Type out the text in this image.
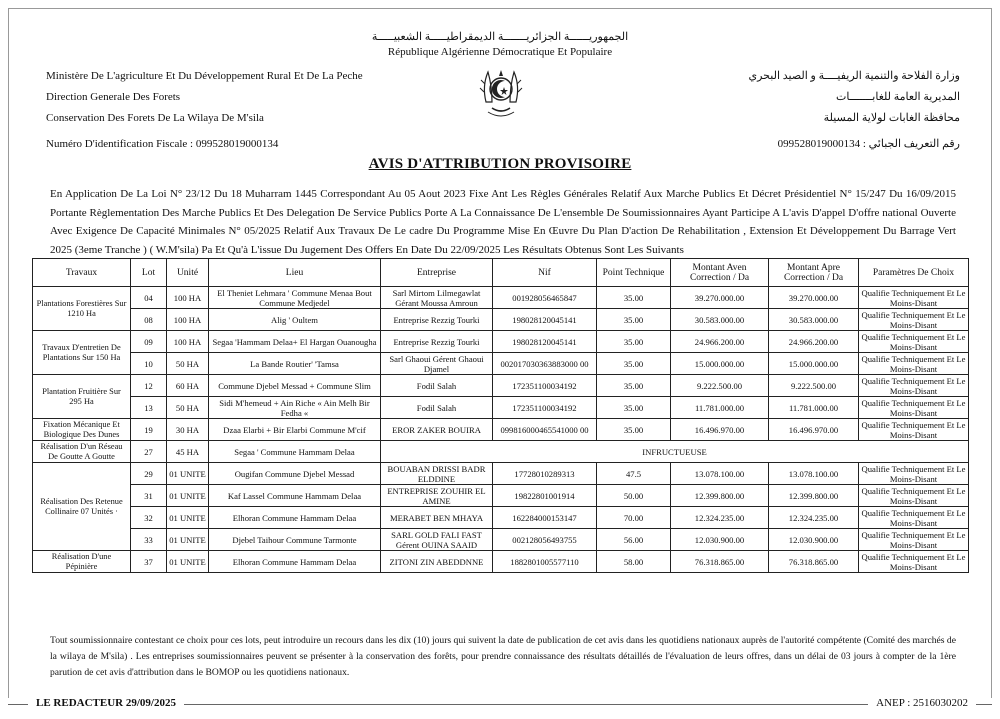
الجمهوريــــــة الجزائريـــــــة الديمقراطيـــــة الشعبيـــــة
République Algérienne Démocratique Et Populaire
Ministère De L'agriculture Et Du Développement Rural Et De La Peche
Direction Generale Des Forets
Conservation Des Forets De La Wilaya De M'sila
Numéro D'identification Fiscale : 099528019000134
وزارة الفلاحة والتنمية الريفيــــة و الصيد البحري
المديرية العامة للغابـــــــات
محافظة الغابات لولاية المسيلة
رقم التعريف الجبائي : 099528019000134
AVIS D'ATTRIBUTION PROVISOIRE
En Application De La Loi N° 23/12 Du 18 Muharram 1445 Correspondant Au 05 Aout 2023 Fixe Ant Les Règles Générales Relatif Aux Marche Publics Et Décret Présidentiel N° 15/247 Du 16/09/2015 Portante Règlementation Des Marche Publics Et Des Delegation De Service Publics Porte A La Connaissance De L'ensemble De Soumissionnaires Ayant Participe A L'avis D'appel D'offre national Ouverte Avec Exigence De Capacité Minimales N° 05/2025 Relatif Aux Travaux De Le cadre Du Programme Mise En Œuvre Du Plan D'action De Rehabilitation , Extension Et Développement Du Barrage Vert 2025 (3eme Tranche ) ( W.M'sila) Pa Et Qu'à L'issue Du Jugement Des Offers En Date Du 22/09/2025 Les Résultats Obtenus Sont Les Suivants
Travaux	Lot	Unité	Lieu	Entreprise	Nif	Point Technique	Montant Aven Correction / Da	Montant Apre Correction / Da	Paramètres De Choix
Plantations Forestières Sur 1210 Ha	04	100 HA	El Theniet Lehmara ' Commune Menaa Bout Commune Medjedel	Sarl Mirtom Lilmegawlat Gérant Moussa Amroun	001928056465847	35.00	39.270.000.00	39.270.000.00	Qualifie Techniquement Et Le Moins-Disant
	08	100 HA	Alig ' Oultem	Entreprise Rezzig Tourki	198028120045141	35.00	30.583.000.00	30.583.000.00	Qualifie Techniquement Et Le Moins-Disant
Travaux D'entretien De Plantations Sur 150 Ha	09	100 HA	Segaa 'Hammam Delaa+ El Hargan Ouanougha	Entreprise Rezzig Tourki	198028120045141	35.00	24.966.200.00	24.966.200.00	Qualifie Techniquement Et Le Moins-Disant
	10	50 HA	La Bande Routier' 'Tamsa	Sarl Ghaoui Gérent Ghaoui Djamel	002017030363883000 00	35.00	15.000.000.00	15.000.000.00	Qualifie Techniquement Et Le Moins-Disant
Plantation Fruitière Sur 295 Ha	12	60 HA	Commune Djebel Messad + Commune Slim	Fodil Salah	172351100034192	35.00	9.222.500.00	9.222.500.00	Qualifie Techniquement Et Le Moins-Disant
	13	50 HA	Sidi M'hemeud + Ain Riche « Ain Melh Bir Fedha «	Fodil Salah	172351100034192	35.00	11.781.000.00	11.781.000.00	Qualifie Techniquement Et Le Moins-Disant
Fixation Mécanique Et Biologique Des Dunes	19	30 HA	Dzaa Elarbi + Bir Elarbi Commune M'cif	EROR ZAKER BOUIRA	099816000465541000 00	35.00	16.496.970.00	16.496.970.00	Qualifie Techniquement Et Le Moins-Disant
Réalisation D'un Réseau De Goutte A Goutte	27	45 HA	Segaa ' Commune Hammam Delaa	INFRUCTUEUSE					
Réalisation Des Retenue Collinaire 07 Unités ·	29	01 UNITE	Ougifan Commune Djebel Messad	BOUABAN DRISSI BADR ELDDINE	17728010289313	47.5	13.078.100.00	13.078.100.00	Qualifie Techniquement Et Le Moins-Disant
	31	01 UNITE	Kaf Lassel Commune Hammam Delaa	ENTREPRISE ZOUHIR EL AMINE	19822801001914	50.00	12.399.800.00	12.399.800.00	Qualifie Techniquement Et Le Moins-Disant
	32	01 UNITE	Elhoran Commune Hammam Delaa	MERABET BEN MHAYA	162284000153147	70.00	12.324.235.00	12.324.235.00	Qualifie Techniquement Et Le Moins-Disant
	33	01 UNITE	Djebel Taihour Commune Tarmonte	SARL GOLD FALI FAST Gérent OUINA SAAID	002128056493755	56.00	12.030.900.00	12.030.900.00	Qualifie Techniquement Et Le Moins-Disant
Réalisation D'une Pépinière	37	01 UNITE	Elhoran Commune Hammam Delaa	ZITONI ZIN ABEDDNNE	1882801005577110	58.00	76.318.865.00	76.318.865.00	Qualifie Techniquement Et Le Moins-Disant
Tout soumissionnaire contestant ce choix pour ces lots, peut introduire un recours dans les dix (10) jours qui suivent la date de publication de cet avis dans les quotidiens nationaux auprès de l'autorité compétente (Comité des marchés de la wilaya de M'sila) . Les entreprises soumissionnaires peuvent se présenter à la conservation des forêts, pour prendre connaissance des résultats détaillés de l'évaluation de leurs offres, dans un délai de 03 jours à compter de la 1ère parution de cet avis d'attribution dans le BOMOP ou les quotidiens nationaux.
LE REDACTEUR 29/09/2025	ANEP : 2516030202
